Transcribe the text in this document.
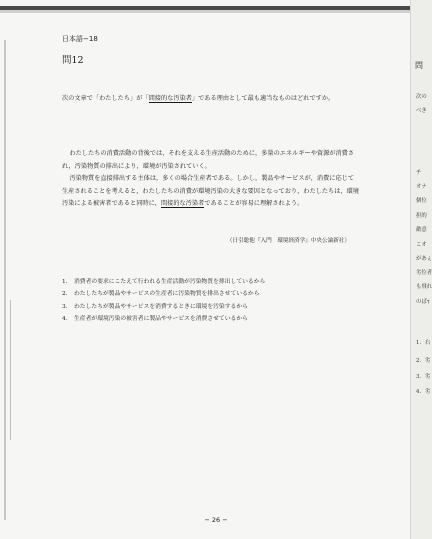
日本語−18
問12
次の文章で「わたしたち」が「間接的な汚染者」である理由として最も適当なものはどれですか。

わたしたちの消費活動の背後では，それを支える生産活動のために，多量のエネルギーや資源が消費され，汚染物質の排出により，環境が汚染されていく。

汚染物質を直接排出する主体は，多くの場合生産者である。しかし，製品やサービスが，消費に応じて生産されることを考えると，わたしたちの消費が環境汚染の大きな要因となっており，わたしたちは，環境汚染による被害者であると同時に，間接的な汚染者であることが容易に理解されよう。

（日引聡他『入門　環境経済学』中央公論新社）
1． 消費者の要求にこたえて行われる生産活動が汚染物質を排出しているから
2． わたしたちが製品やサービスの生産者に汚染物質を排出させているから
3． わたしたちが製品やサービスを消費するときに環境を汚染するから
4． 生産者が環境汚染の被害者に製品やサービスを消費させているから
− 26 −
問
次の
べき
チ
オナ
個位
担的
敵意
こオ
があぇ
劣位者
も飛れ
のば⁊
1．右
2．劣
3．劣
4．劣
